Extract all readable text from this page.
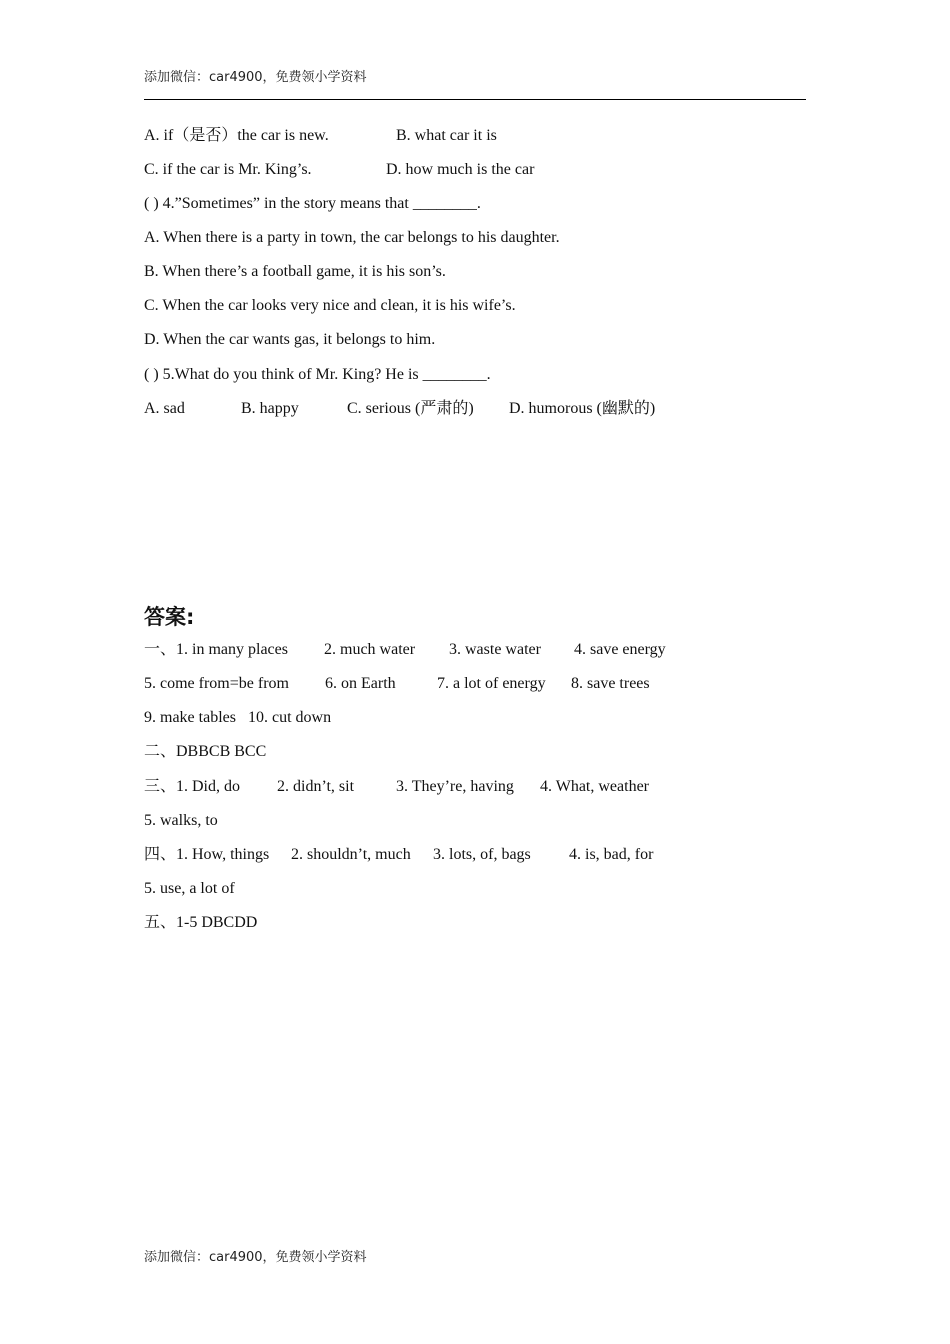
添加微信：car4900，免费领小学资料
A. if（是否）the car is new.	B. what car it is
C. if the car is Mr. King’s.	D. how much is the car
( ) 4.”Sometimes” in the story means that ________.
A. When there is a party in town, the car belongs to his daughter.
B. When there’s a football game, it is his son’s.
C. When the car looks very nice and clean, it is his wife’s.
D. When the car wants gas, it belongs to him.
( ) 5.What do you think of Mr. King? He is ________.
A. sad	B. happy	C. serious (严肃的) D. humorous (幽默的)
答案:
一、1. in many places 2. much water 3. waste water 4. save energy
5. come from=be from 6. on Earth	7. a lot of energy 8. save trees
9. make tables 10. cut down
二、DBBCB BCC
三、1. Did, do 2. didn’t, sit	3. They’re, having 4. What, weather
5. walks, to
四、1. How, things 2. shouldn’t, much 3. lots, of, bags 4. is, bad, for
5. use, a lot of
五、1-5 DBCDD
添加微信：car4900，免费领小学资料
